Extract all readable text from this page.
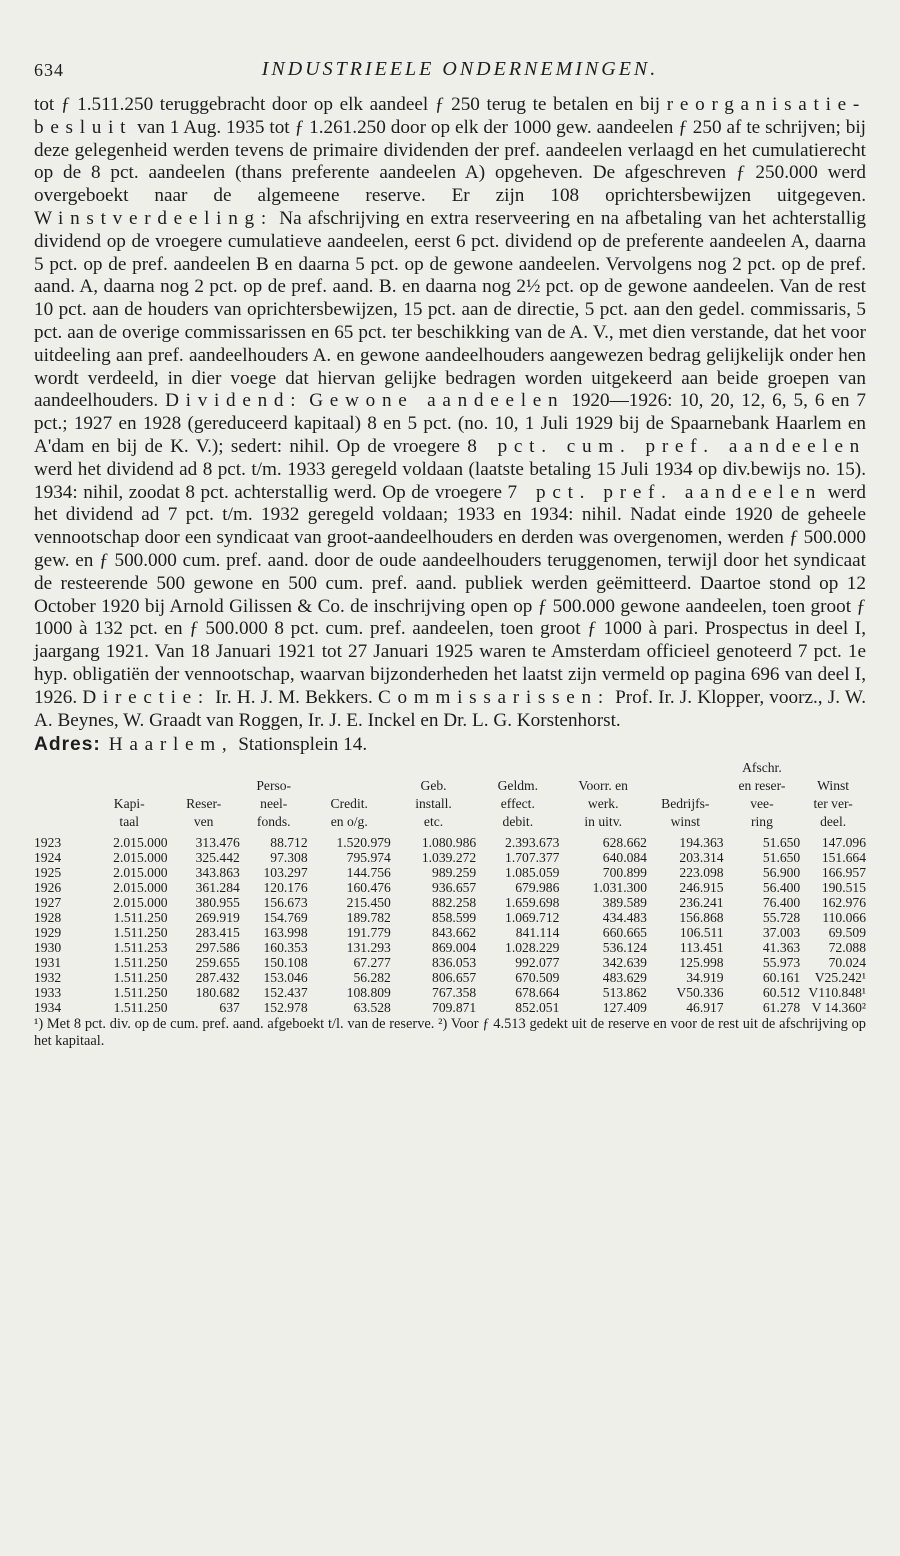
634	INDUSTRIEELE ONDERNEMINGEN.

tot ƒ 1.511.250 teruggebracht door op elk aandeel ƒ 250 terug te betalen en bij reorganisatie-besluit van 1 Aug. 1935 tot ƒ 1.261.250 door op elk der 1000 gew. aandeelen ƒ 250 af te schrijven; bij deze gelegenheid werden tevens de primaire dividenden der pref. aandeelen verlaagd en het cumulatierecht op de 8 pct. aandeelen (thans preferente aandeelen A) opgeheven. De afgeschreven ƒ 250.000 werd overgeboekt naar de algemeene reserve. Er zijn 108 oprichtersbewijzen uitgegeven. Winstverdeeling: Na afschrijving en extra reserveering en na afbetaling van het achterstallig dividend op de vroegere cumulatieve aandeelen, eerst 6 pct. dividend op de preferente aandeelen A, daarna 5 pct. op de pref. aandeelen B en daarna 5 pct. op de gewone aandeelen. Vervolgens nog 2 pct. op de pref. aand. A, daarna nog 2 pct. op de pref. aand. B. en daarna nog 2½ pct. op de gewone aandeelen. Van de rest 10 pct. aan de houders van oprichtersbewijzen, 15 pct. aan de directie, 5 pct. aan den gedel. commissaris, 5 pct. aan de overige commissarissen en 65 pct. ter beschikking van de A. V., met dien verstande, dat het voor uitdeeling aan pref. aandeelhouders A. en gewone aandeelhouders aangewezen bedrag gelijkelijk onder hen wordt verdeeld, in dier voege dat hiervan gelijke bedragen worden uitgekeerd aan beide groepen van aandeelhouders. Dividend: Gewone aandeelen 1920—1926: 10, 20, 12, 6, 5, 6 en 7 pct.; 1927 en 1928 (gereduceerd kapitaal) 8 en 5 pct. (no. 10, 1 Juli 1929 bij de Spaarnebank Haarlem en A'dam en bij de K. V.); sedert: nihil. Op de vroegere 8 pct. cum. pref. aandeelen werd het dividend ad 8 pct. t/m. 1933 geregeld voldaan (laatste betaling 15 Juli 1934 op div.bewijs no. 15). 1934: nihil, zoodat 8 pct. achterstallig werd. Op de vroegere 7 pct. pref. aandeelen werd het dividend ad 7 pct. t/m. 1932 geregeld voldaan; 1933 en 1934: nihil. Nadat einde 1920 de geheele vennootschap door een syndicaat van groot-aandeelhouders en derden was overgenomen, werden ƒ 500.000 gew. en ƒ 500.000 cum. pref. aand. door de oude aandeelhouders teruggenomen, terwijl door het syndicaat de resteerende 500 gewone en 500 cum. pref. aand. publiek werden geëmitteerd. Daartoe stond op 12 October 1920 bij Arnold Gilissen & Co. de inschrijving open op ƒ 500.000 gewone aandeelen, toen groot ƒ 1000 à 132 pct. en ƒ 500.000 8 pct. cum. pref. aandeelen, toen groot ƒ 1000 à pari. Prospectus in deel I, jaargang 1921. Van 18 Januari 1921 tot 27 Januari 1925 waren te Amsterdam officieel genoteerd 7 pct. 1e hyp. obligatiën der vennootschap, waarvan bijzonderheden het laatst zijn vermeld op pagina 696 van deel I, 1926. Directie: Ir. H. J. M. Bekkers. Commissarissen: Prof. Ir. J. Klopper, voorz., J. W. A. Beynes, W. Graadt van Roggen, Ir. J. E. Inckel en Dr. L. G. Korstenhorst.

Adres: Haarlem, Stationsplein 14.
									Afschr.	
			Perso-		Geb.	Geldm.	Voorr. en		en reser-	Winst
	Kapi-	Reser-	neel-	Credit.	install.	effect.	werk.	Bedrijfs-	vee-	ter ver-
	taal	ven	fonds.	en o/g.	etc.	debit.	in uitv.	winst	ring	deel.
1923	2.015.000	313.476	88.712	1.520.979	1.080.986	2.393.673	628.662	194.363	51.650	147.096
1924	2.015.000	325.442	97.308	795.974	1.039.272	1.707.377	640.084	203.314	51.650	151.664
1925	2.015.000	343.863	103.297	144.756	989.259	1.085.059	700.899	223.098	56.900	166.957
1926	2.015.000	361.284	120.176	160.476	936.657	679.986	1.031.300	246.915	56.400	190.515
1927	2.015.000	380.955	156.673	215.450	882.258	1.659.698	389.589	236.241	76.400	162.976
1928	1.511.250	269.919	154.769	189.782	858.599	1.069.712	434.483	156.868	55.728	110.066
1929	1.511.250	283.415	163.998	191.779	843.662	841.114	660.665	106.511	37.003	69.509
1930	1.511.253	297.586	160.353	131.293	869.004	1.028.229	536.124	113.451	41.363	72.088
1931	1.511.250	259.655	150.108	67.277	836.053	992.077	342.639	125.998	55.973	70.024
1932	1.511.250	287.432	153.046	56.282	806.657	670.509	483.629	34.919	60.161	V25.242¹
1933	1.511.250	180.682	152.437	108.809	767.358	678.664	513.862	V50.336	60.512	V110.848¹
1934	1.511.250	637	152.978	63.528	709.871	852.051	127.409	46.917	61.278	V 14.360²
¹) Met 8 pct. div. op de cum. pref. aand. afgeboekt t/l. van de reserve. ²) Voor ƒ 4.513 gedekt uit de reserve en voor de rest uit de afschrijving op het kapitaal.
